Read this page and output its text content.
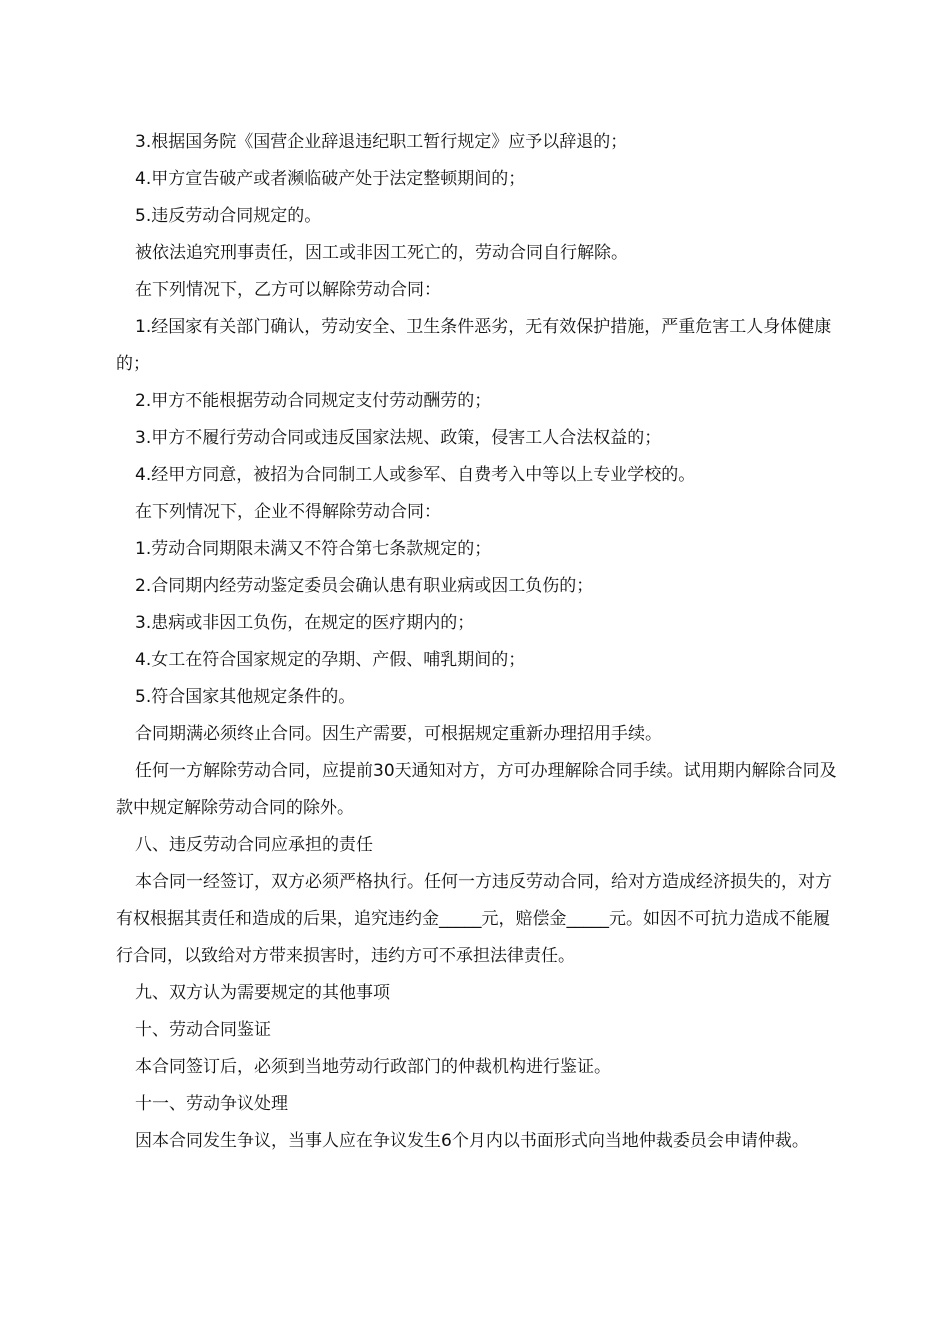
3.根据国务院《国营企业辞退违纪职工暂行规定》应予以辞退的；

4.甲方宣告破产或者濒临破产处于法定整顿期间的；

5.违反劳动合同规定的。

被依法追究刑事责任，因工或非因工死亡的，劳动合同自行解除。

在下列情况下，乙方可以解除劳动合同：

1.经国家有关部门确认，劳动安全、卫生条件恶劣，无有效保护措施，严重危害工人身体健康的；

2.甲方不能根据劳动合同规定支付劳动酬劳的；

3.甲方不履行劳动合同或违反国家法规、政策，侵害工人合法权益的；

4.经甲方同意，被招为合同制工人或参军、自费考入中等以上专业学校的。

在下列情况下，企业不得解除劳动合同：

1.劳动合同期限未满又不符合第七条款规定的；

2.合同期内经劳动鉴定委员会确认患有职业病或因工负伤的；

3.患病或非因工负伤，在规定的医疗期内的；

4.女工在符合国家规定的孕期、产假、哺乳期间的；

5.符合国家其他规定条件的。

合同期满必须终止合同。因生产需要，可根据规定重新办理招用手续。

任何一方解除劳动合同，应提前30天通知对方，方可办理解除合同手续。试用期内解除合同及款中规定解除劳动合同的除外。

八、违反劳动合同应承担的责任

本合同一经签订，双方必须严格执行。任何一方违反劳动合同，给对方造成经济损失的，对方有权根据其责任和造成的后果，追究违约金_____元，赔偿金_____元。如因不可抗力造成不能履行合同，以致给对方带来损害时，违约方可不承担法律责任。

九、双方认为需要规定的其他事项

十、劳动合同鉴证

本合同签订后，必须到当地劳动行政部门的仲裁机构进行鉴证。

十一、劳动争议处理

因本合同发生争议，当事人应在争议发生6个月内以书面形式向当地仲裁委员会申请仲裁。
